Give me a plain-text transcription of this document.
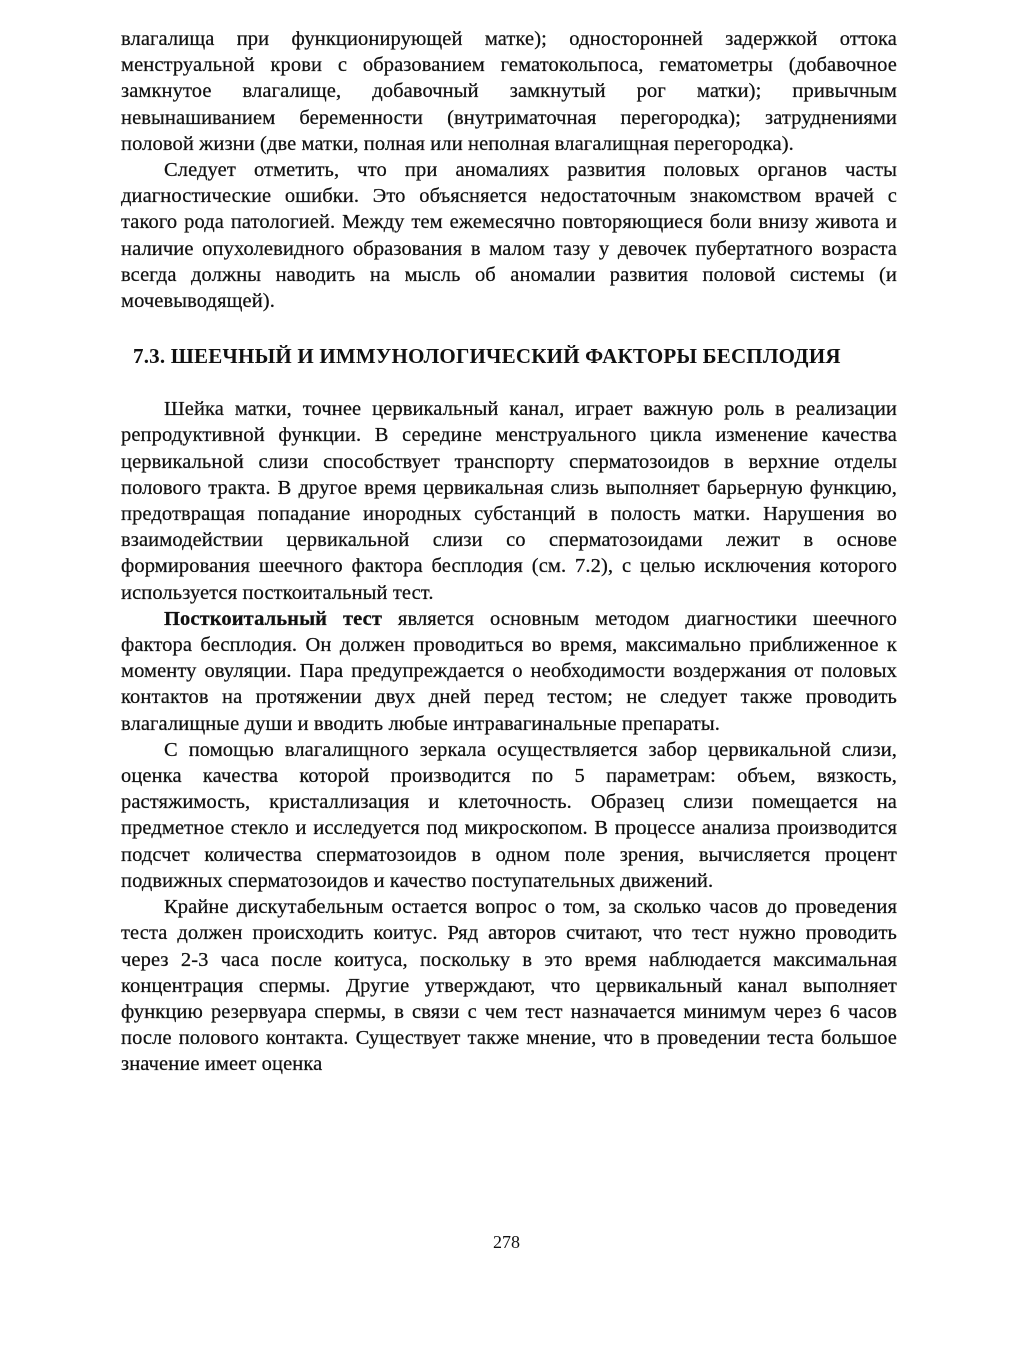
влагалища при функционирующей матке); односторонней задержкой оттока менструальной крови с образованием гематокольпоса, гематометры (добавочное замкнутое влагалище, добавочный замкнутый рог матки); привычным невынашиванием беременности (внутриматочная перегородка); затруднениями половой жизни (две матки, полная или неполная влагалищная перегородка).

Следует отметить, что при аномалиях развития половых органов часты диагностические ошибки. Это объясняется недостаточным знакомством врачей с такого рода патологией. Между тем ежемесячно повторяющиеся боли внизу живота и наличие опухолевидного образования в малом тазу у девочек пубертатного возраста всегда должны наводить на мысль об аномалии развития половой системы (и мочевыводящей).

7.3. ШЕЕЧНЫЙ И ИММУНОЛОГИЧЕСКИЙ ФАКТОРЫ БЕСПЛОДИЯ

Шейка матки, точнее цервикальный канал, играет важную роль в реализации репродуктивной функции. В середине менструального цикла изменение качества цервикальной слизи способствует транспорту сперматозоидов в верхние отделы полового тракта. В другое время цервикальная слизь выполняет барьерную функцию, предотвращая попадание инородных субстанций в полость матки. Нарушения во взаимодействии цервикальной слизи со сперматозоидами лежит в основе формирования шеечного фактора бесплодия (см. 7.2), с целью исключения которого используется посткоитальный тест.

Посткоитальный тест является основным методом диагностики шеечного фактора бесплодия. Он должен проводиться во время, максимально приближенное к моменту овуляции. Пара предупреждается о необходимости воздержания от половых контактов на протяжении двух дней перед тестом; не следует также проводить влагалищные души и вводить любые интравагинальные препараты.

С помощью влагалищного зеркала осуществляется забор цервикальной слизи, оценка качества которой производится по 5 параметрам: объем, вязкость, растяжимость, кристаллизация и клеточность. Образец слизи помещается на предметное стекло и исследуется под микроскопом. В процессе анализа производится подсчет количества сперматозоидов в одном поле зрения, вычисляется процент подвижных сперматозоидов и качество поступательных движений.

Крайне дискутабельным остается вопрос о том, за сколько часов до проведения теста должен происходить коитус. Ряд авторов считают, что тест нужно проводить через 2-3 часа после коитуса, поскольку в это время наблюдается максимальная концентрация спермы. Другие утверждают, что цервикальный канал выполняет функцию резервуара спермы, в связи с чем тест назначается минимум через 6 часов после полового контакта. Существует также мнение, что в проведении теста большое значение имеет оценка

278
